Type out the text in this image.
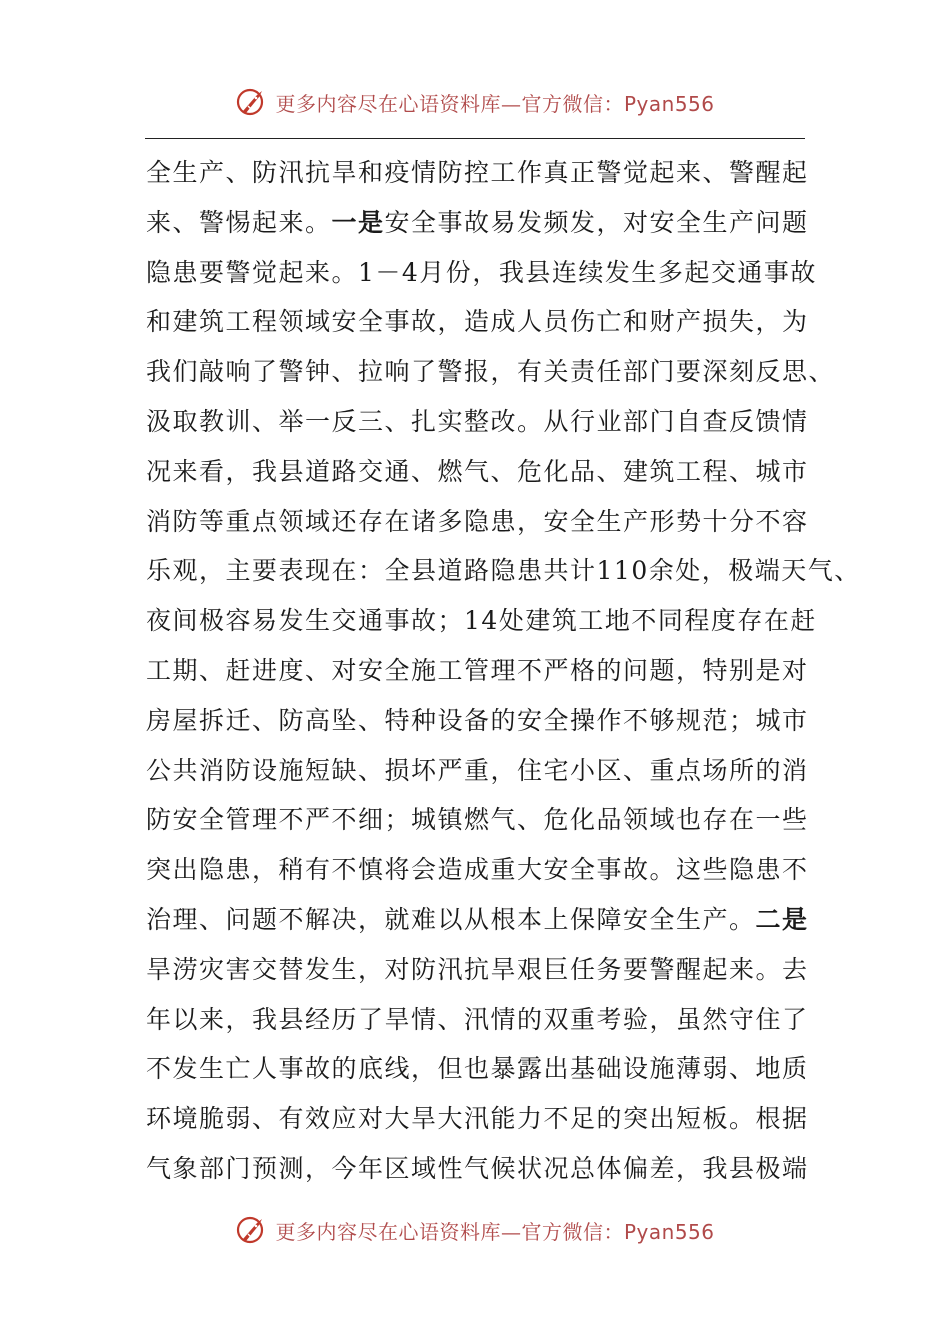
更多内容尽在心语资料库—官方微信：Pyan556
全生产、防汛抗旱和疫情防控工作真正警觉起来、警醒起
来、警惕起来。一是安全事故易发频发，对安全生产问题
隐患要警觉起来。1－4月份，我县连续发生多起交通事故
和建筑工程领域安全事故，造成人员伤亡和财产损失，为
我们敲响了警钟、拉响了警报，有关责任部门要深刻反思、
汲取教训、举一反三、扎实整改。从行业部门自查反馈情
况来看，我县道路交通、燃气、危化品、建筑工程、城市
消防等重点领域还存在诸多隐患，安全生产形势十分不容
乐观，主要表现在：全县道路隐患共计110余处，极端天气、
夜间极容易发生交通事故；14处建筑工地不同程度存在赶
工期、赶进度、对安全施工管理不严格的问题，特别是对
房屋拆迁、防高坠、特种设备的安全操作不够规范；城市
公共消防设施短缺、损坏严重，住宅小区、重点场所的消
防安全管理不严不细；城镇燃气、危化品领域也存在一些
突出隐患，稍有不慎将会造成重大安全事故。这些隐患不
治理、问题不解决，就难以从根本上保障安全生产。二是
旱涝灾害交替发生，对防汛抗旱艰巨任务要警醒起来。去
年以来，我县经历了旱情、汛情的双重考验，虽然守住了
不发生亡人事故的底线，但也暴露出基础设施薄弱、地质
环境脆弱、有效应对大旱大汛能力不足的突出短板。根据
气象部门预测，今年区域性气候状况总体偏差，我县极端
更多内容尽在心语资料库—官方微信：Pyan556
